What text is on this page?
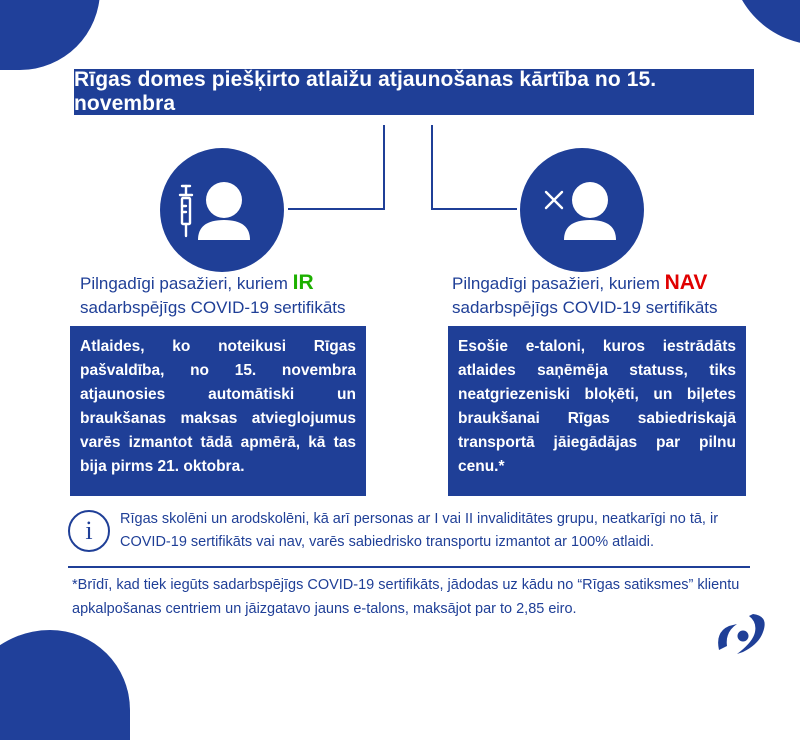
Rīgas domes piešķirto atlaižu atjaunošanas kārtība no 15. novembra
Pilngadīgi pasažieri, kuriem IR
sadarbspējīgs COVID-19 sertifikāts
Pilngadīgi pasažieri, kuriem NAV
sadarbspējīgs COVID-19 sertifikāts
Atlaides, ko noteikusi Rīgas pašvaldība, no 15. novembra atjaunosies automātiski un braukšanas maksas atvieglojumus varēs izmantot tādā apmērā, kā tas bija pirms 21. oktobra.
Esošie e-taloni, kuros iestrādāts atlaides saņēmēja statuss, tiks neatgriezeniski bloķēti, un biļetes braukšanai Rīgas sabiedriskajā transportā jāiegādājas par pilnu cenu.*
i	Rīgas skolēni un arodskolēni, kā arī personas ar I vai II invaliditātes grupu, neatkarīgi no tā, ir COVID-19 sertifikāts vai nav, varēs sabiedrisko transportu izmantot ar 100% atlaidi.
*Brīdī, kad tiek iegūts sadarbspējīgs COVID-19 sertifikāts, jādodas uz kādu no “Rīgas satiksmes” klientu apkalpošanas centriem un jāizgatavo jauns e-talons, maksājot par to 2,85 eiro.
